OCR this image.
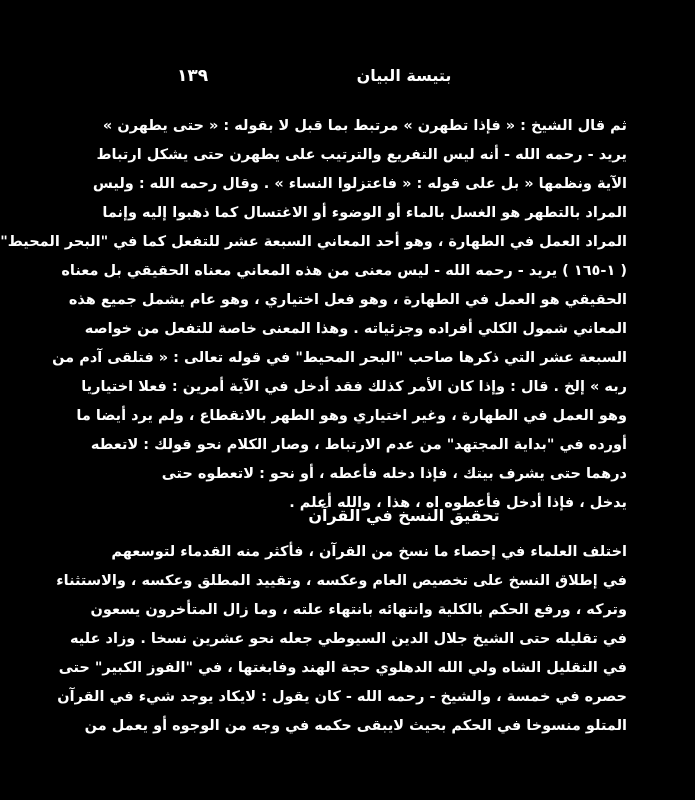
١٣٩	بتيسة البيان
ثم قال الشيخ : « فإذا تطهرن » مرتبط بما قبل لا بقوله : « حتى يطهرن »
يريد - رحمه الله - أنه ليس التفريع والترتيب على يطهرن حتى يشكل ارتباط
الآية ونظمها « بل على قوله : « فاعتزلوا النساء » . وقال رحمه الله : وليس
المراد بالتطهر هو الغسل بالماء أو الوضوء أو الاغتسال كما ذهبوا إليه وإنما
المراد العمل في الطهارة ، وهو أحد المعاني السبعة عشر للتفعل كما في "البحر المحيط"
( ١-١٦٥ ) يريد - رحمه الله - ليس معنى من هذه المعاني معناه الحقيقي بل معناه
الحقيقي هو العمل في الطهارة ، وهو فعل اختياري ، وهو عام يشمل جميع هذه
المعاني شمول الكلي أفراده وجزئياته . وهذا المعنى خاصة للتفعل من خواصه
السبعة عشر التي ذكرها صاحب "البحر المحيط" في قوله تعالى : « فتلقى آدم من
ربه » إلخ . قال : وإذا كان الأمر كذلك فقد أدخل في الآية أمرين : فعلا اختياريا
وهو العمل في الطهارة ، وغير اختياري وهو الطهر بالانقطاع ، ولم يرد أيضا ما
أورده في "بداية المجتهد" من عدم الارتباط ، وصار الكلام نحو قولك : لاتعطه
درهما حتى يشرف بيتك ، فإذا دخله فأعطه ، أو نحو : لاتعطوه حتى
يدخل ، فإذا أدخل فأعطوه اه ، هذا ، والله أعلم .
تحقيق النسخ في القرآن
اختلف العلماء في إحصاء ما نسخ من القرآن ، فأكثر منه القدماء لتوسعهم
في إطلاق النسخ على تخصيص العام وعكسه ، وتقييد المطلق وعكسه ، والاستثناء
وتركه ، ورفع الحكم بالكلية وانتهائه بانتهاء علته ، وما زال المتأخرون يسعون
في تقليله حتى الشيخ جلال الدين السيوطي جعله نحو عشرين نسخا . وزاد عليه
في التقليل الشاه ولي الله الدهلوي حجة الهند وفابغتها ، في "الفوز الكبير" حتى
حصره في خمسة ، والشيخ - رحمه الله - كان يقول : لايكاد يوجد شيء في القرآن
المتلو منسوخا في الحكم بحيث لايبقى حكمه في وجه من الوجوه أو يعمل من
